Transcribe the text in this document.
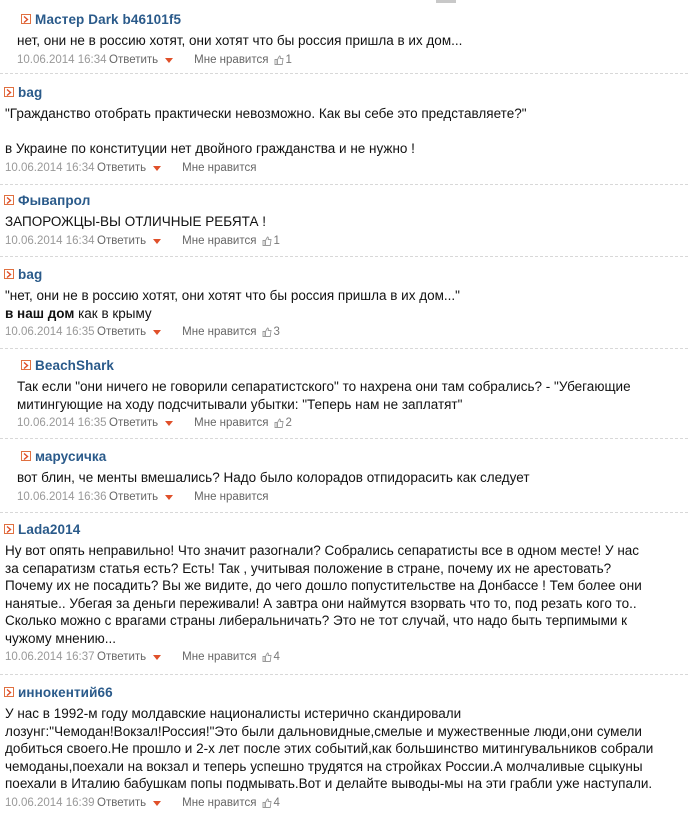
Мастер Dark b46101f5
нет, они не в россию хотят, они хотят что бы россия пришла в их дом...
10.06.2014 16:34 Ответить	Мне нравится 1
bag
"Гражданство отобрать практически невозможно. Как вы себе это представляете?"
в Украине по конституции нет двойного гражданства и не нужно !
10.06.2014 16:34 Ответить	Мне нравится
Фывапрол
ЗАПОРОЖЦЫ-ВЫ ОТЛИЧНЫЕ РЕБЯТА !
10.06.2014 16:34 Ответить	Мне нравится 1
bag
"нет, они не в россию хотят, они хотят что бы россия пришла в их дом..."
в наш дом как в крыму
10.06.2014 16:35 Ответить	Мне нравится 3
BeachShark
Так если "они ничего не говорили сепаратистского" то нахрена они там собрались? - "Убегающие
митингующие на ходу подсчитывали убытки: "Теперь нам не заплатят"
10.06.2014 16:35 Ответить	Мне нравится 2
марусичка
вот блин, че менты вмешались? Надо было колорадов отпидорасить как следует
10.06.2014 16:36 Ответить	Мне нравится
Lada2014
Ну вот опять неправильно! Что значит разогнали? Собрались сепаратисты все в одном месте! У нас
за сепаратизм статья есть? Есть! Так , учитывая положение в стране, почему их не арестовать?
Почему их не посадить? Вы же видите, до чего дошло попустительстве на Донбассе ! Тем более они
нанятые.. Убегая за деньги переживали! А завтра они наймутся взорвать что то, под резать кого то..
Сколько можно с врагами страны либеральничать? Это не тот случай, что надо быть терпимыми к
чужому мнению...
10.06.2014 16:37 Ответить	Мне нравится 4
иннокентий66
У нас в 1992-м году молдавские националисты истерично скандировали
лозунг:"Чемодан!Вокзал!Россия!"Это были дальновидные,смелые и мужественные люди,они сумели
добиться своего.Не прошло и 2-х лет после этих событий,как большинство митингувальников собрали
чемоданы,поехали на вокзал и теперь успешно трудятся на стройках России.А молчаливые сцыкуны
поехали в Италию бабушкам попы подмывать.Вот и делайте выводы-мы на эти грабли уже наступали.
10.06.2014 16:39 Ответить	Мне нравится 4
